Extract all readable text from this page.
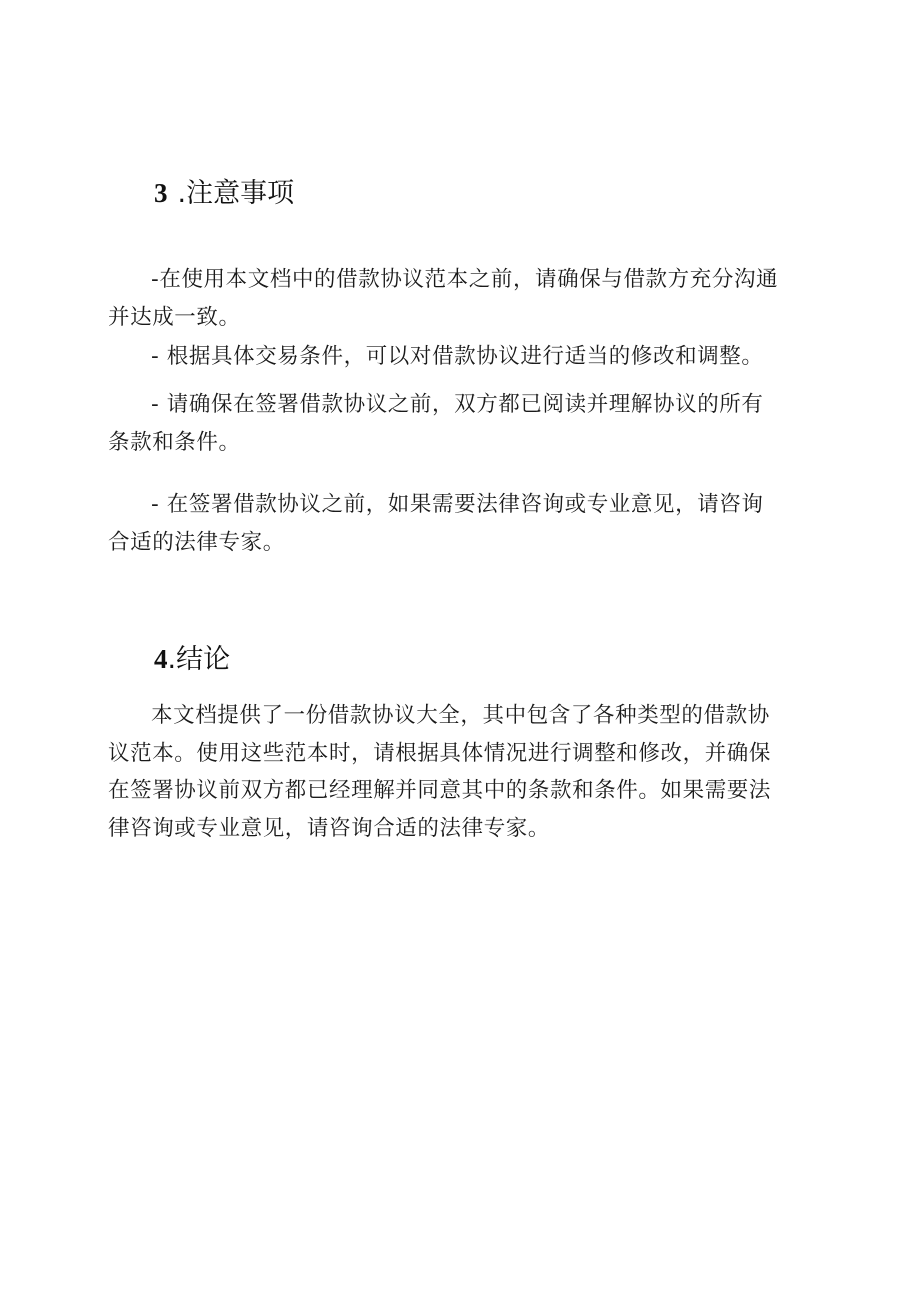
3 .注意事项

-在使用本文档中的借款协议范本之前，请确保与借款方充分沟通
并达成一致。

- 根据具体交易条件，可以对借款协议进行适当的修改和调整。

- 请确保在签署借款协议之前，双方都已阅读并理解协议的所有
条款和条件。

- 在签署借款协议之前，如果需要法律咨询或专业意见，请咨询
合适的法律专家。

4.结论

本文档提供了一份借款协议大全，其中包含了各种类型的借款协
议范本。使用这些范本时，请根据具体情况进行调整和修改，并确保
在签署协议前双方都已经理解并同意其中的条款和条件。如果需要法
律咨询或专业意见，请咨询合适的法律专家。
